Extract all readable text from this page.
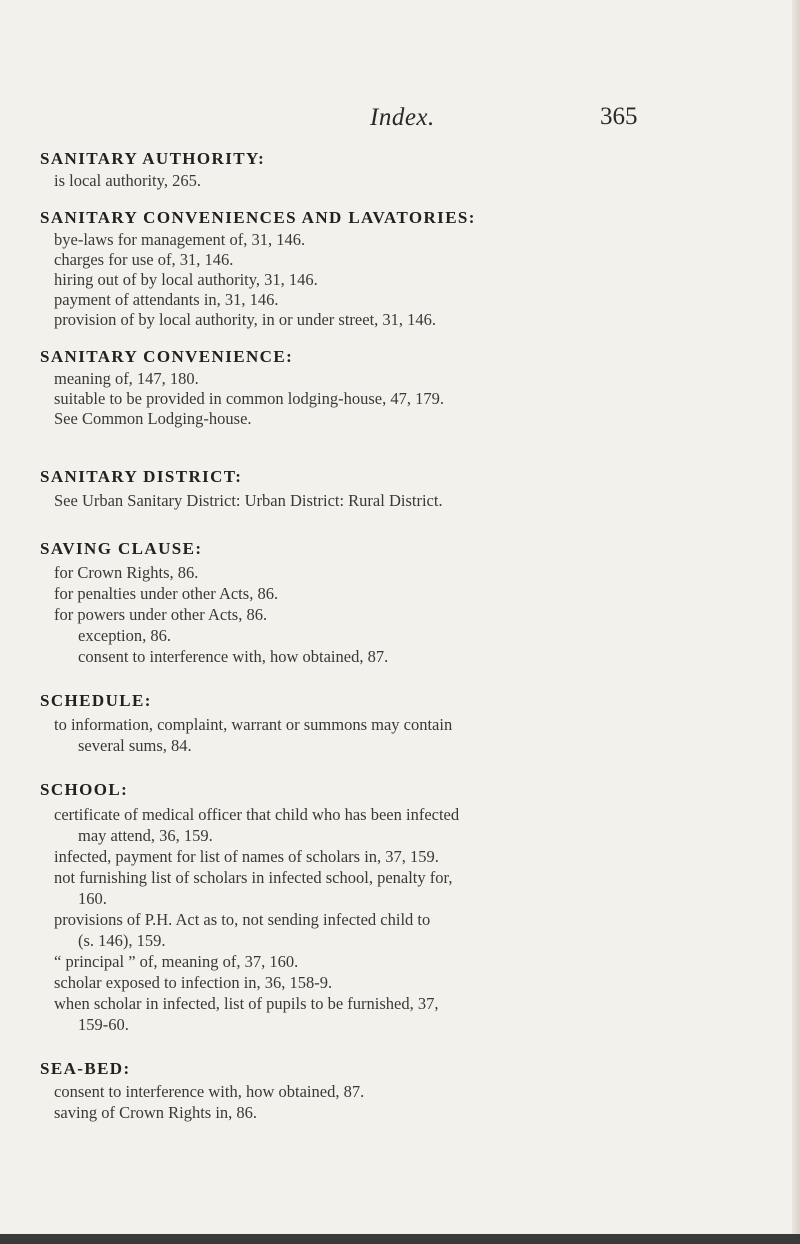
Index.	365
SANITARY AUTHORITY:
is local authority, 265.
SANITARY CONVENIENCES AND LAVATORIES:
bye-laws for management of, 31, 146.
charges for use of, 31, 146.
hiring out of by local authority, 31, 146.
payment of attendants in, 31, 146.
provision of by local authority, in or under street, 31, 146.
SANITARY CONVENIENCE:
meaning of, 147, 180.
suitable to be provided in common lodging-house, 47, 179.
See Common Lodging-house.
SANITARY DISTRICT:
See Urban Sanitary District: Urban District: Rural District.
SAVING CLAUSE:
for Crown Rights, 86.
for penalties under other Acts, 86.
for powers under other Acts, 86.
exception, 86.
consent to interference with, how obtained, 87.
SCHEDULE:
to information, complaint, warrant or summons may contain
several sums, 84.
SCHOOL:
certificate of medical officer that child who has been infected
may attend, 36, 159.
infected, payment for list of names of scholars in, 37, 159.
not furnishing list of scholars in infected school, penalty for,
160.
provisions of P.H. Act as to, not sending infected child to
(s. 146), 159.
“ principal ” of, meaning of, 37, 160.
scholar exposed to infection in, 36, 158-9.
when scholar in infected, list of pupils to be furnished, 37,
159-60.
SEA-BED:
consent to interference with, how obtained, 87.
saving of Crown Rights in, 86.
